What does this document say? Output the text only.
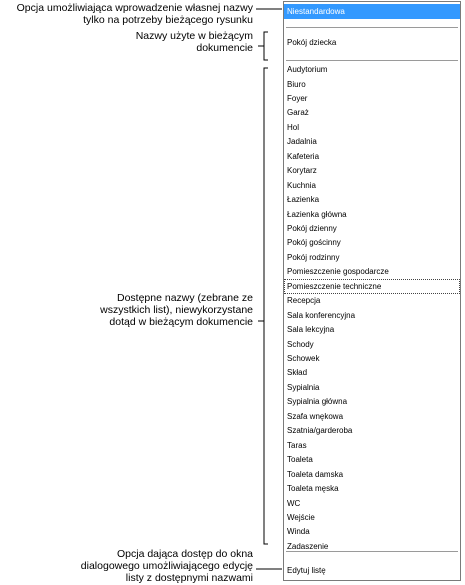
Opcja umożliwiająca wprowadzenie własnej nazwy
tylko na potrzeby bieżącego rysunku
Nazwy użyte w bieżącym
dokumencie
Dostępne nazwy (zebrane ze
wszystkich list), niewykorzystane
dotąd w bieżącym dokumencie
Opcja dająca dostęp do okna
dialogowego umożliwiającego edycję
listy z dostępnymi nazwami
Niestandardowa
Pokój dziecka
Audytorium
Biuro
Foyer
Garaż
Hol
Jadalnia
Kafeteria
Korytarz
Kuchnia
Łazienka
Łazienka główna
Pokój dzienny
Pokój gościnny
Pokój rodzinny
Pomieszczenie gospodarcze
Pomieszczenie techniczne
Recepcja
Sala konferencyjna
Sala lekcyjna
Schody
Schowek
Skład
Sypialnia
Sypialnia główna
Szafa wnękowa
Szatnia/garderoba
Taras
Toaleta
Toaleta damska
Toaleta męska
WC
Wejście
Winda
Zadaszenie
Edytuj listę
